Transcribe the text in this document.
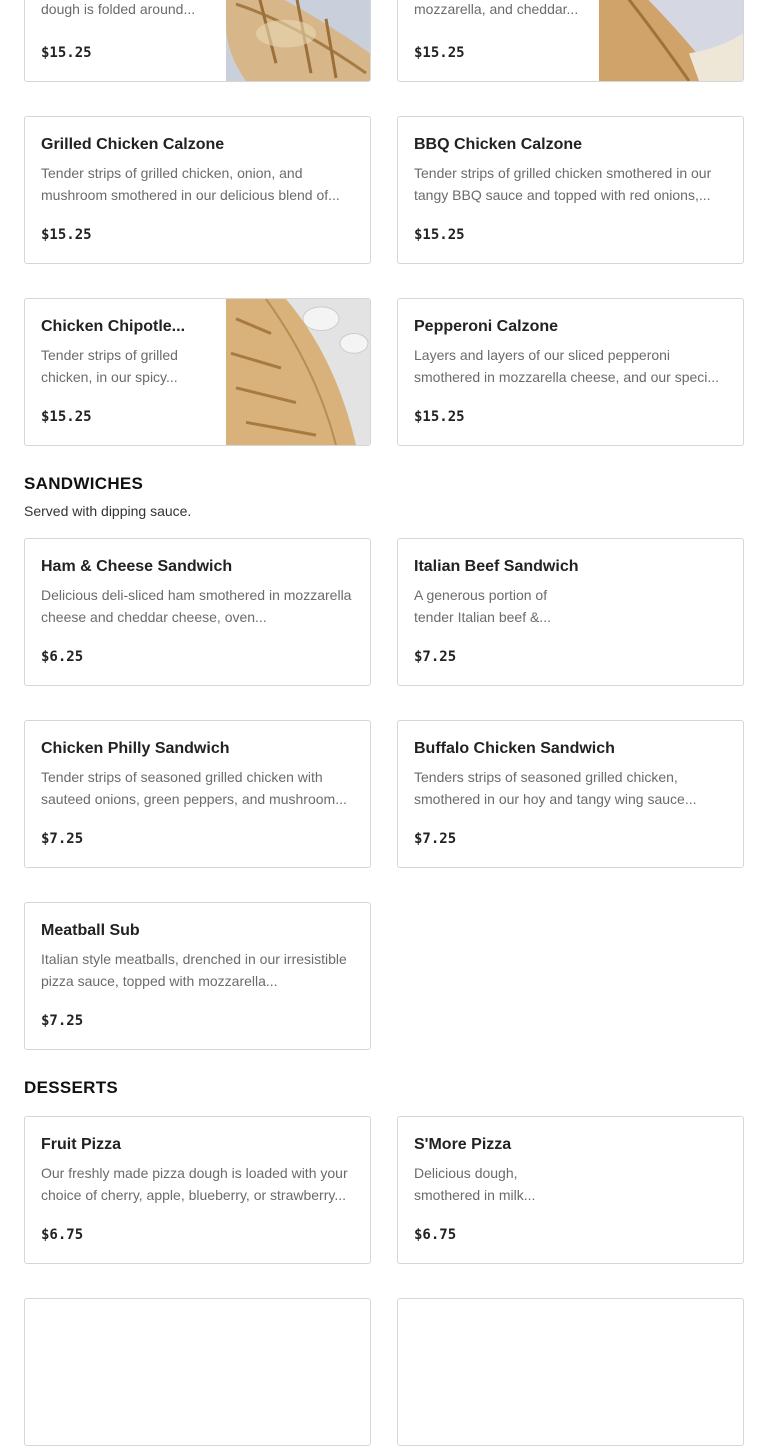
dough is folded around...
$15.25
mozzarella, and cheddar...
$15.25
Grilled Chicken Calzone
Tender strips of grilled chicken, onion, and mushroom smothered in our delicious blend of...
$15.25
BBQ Chicken Calzone
Tender strips of grilled chicken smothered in our tangy BBQ sauce and topped with red onions,...
$15.25
Chicken Chipotle...
Tender strips of grilled chicken, in our spicy...
$15.25
Pepperoni Calzone
Layers and layers of our sliced pepperoni smothered in mozzarella cheese, and our speci...
$15.25
SANDWICHES
Served with dipping sauce.
Ham & Cheese Sandwich
Delicious deli-sliced ham smothered in mozzarella cheese and cheddar cheese, oven...
$6.25
Italian Beef Sandwich
A generous portion of tender Italian beef &...
$7.25
Chicken Philly Sandwich
Tender strips of seasoned grilled chicken with sauteed onions, green peppers, and mushroom...
$7.25
Buffalo Chicken Sandwich
Tenders strips of seasoned grilled chicken, smothered in our hoy and tangy wing sauce...
$7.25
Meatball Sub
Italian style meatballs, drenched in our irresistible pizza sauce, topped with mozzarella...
$7.25
DESSERTS
Fruit Pizza
Our freshly made pizza dough is loaded with your choice of cherry, apple, blueberry, or strawberry...
$6.75
S'More Pizza
Delicious dough, smothered in milk...
$6.75
